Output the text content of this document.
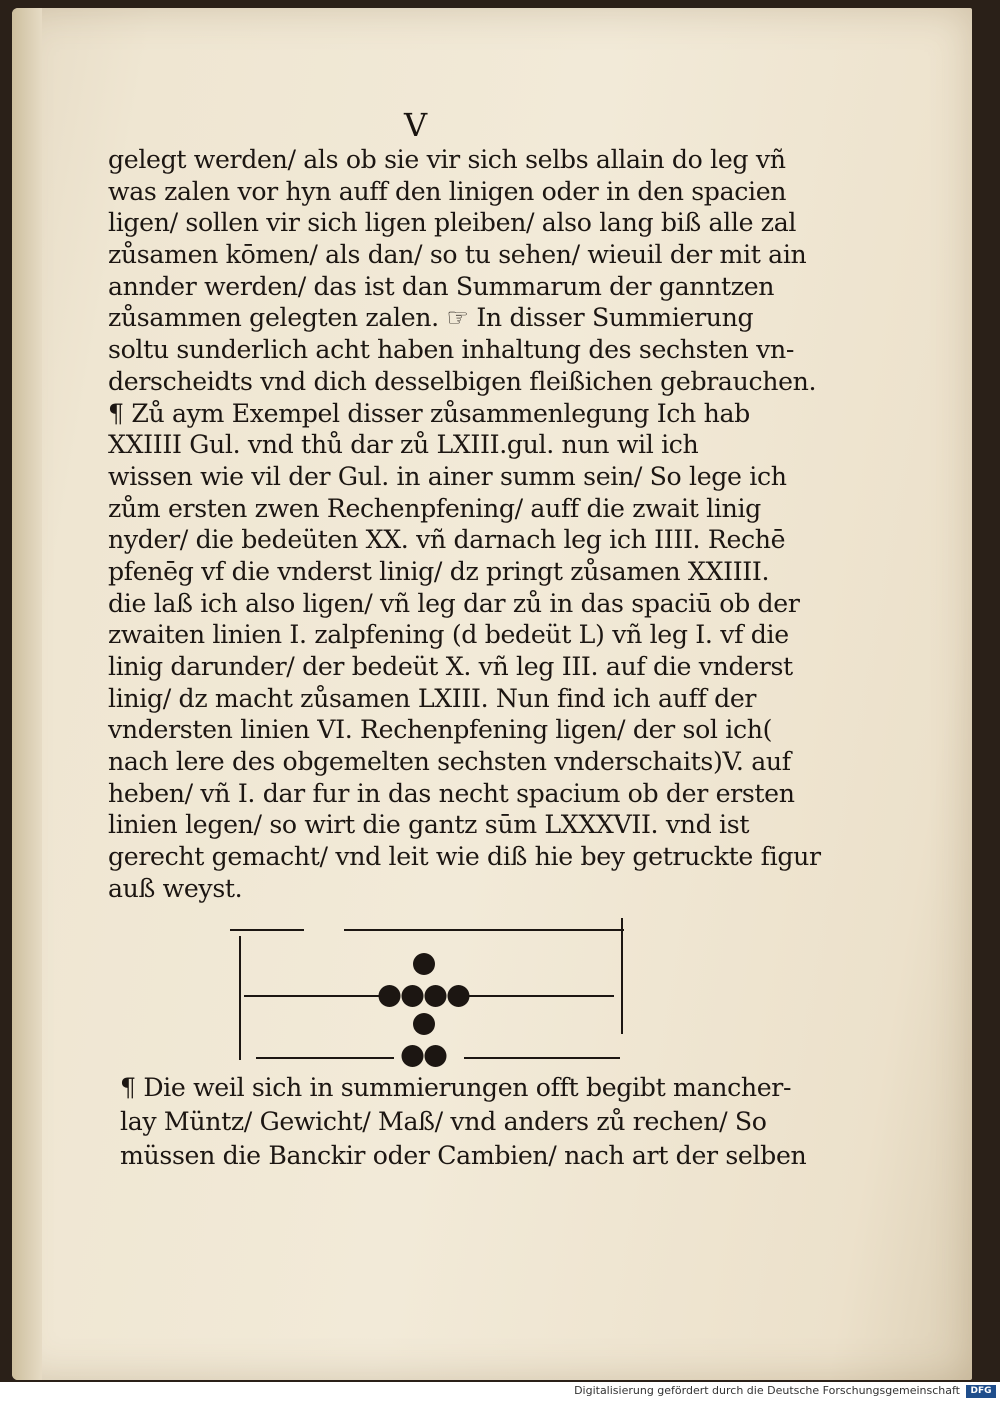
V
gelegt werden/ als ob sie vir sich selbs allain do leg vñ
was zalen vor hyn auff den linigen oder in den spacien
ligen/ sollen vir sich ligen pleiben/ also lang biß alle zal
zůsamen kōmen/ als dan/ so tu sehen/ wieuil der mit ain
annder werden/ das ist dan Summarum der ganntzen
zůsammen gelegten zalen. ☞ In disser Summierung
soltu sunderlich acht haben inhaltung des sechsten vn-
derscheidts vnd dich desselbigen fleißichen gebrauchen.
¶ Zů aym Exempel disser zůsammenlegung Ich hab
XXIIII Gul. vnd thů dar zů LXIII.gul. nun wil ich
wissen wie vil der Gul. in ainer summ sein/ So lege ich
zům ersten zwen Rechenpfening/ auff die zwait linig
nyder/ die bedeüten XX. vñ darnach leg ich IIII. Rechē
pfenēg vf die vnderst linig/ dz pringt zůsamen XXIIII.
die laß ich also ligen/ vñ leg dar zů in das spaciū ob der
zwaiten linien I. zalpfening (d bedeüt L) vñ leg I. vf die
linig darunder/ der bedeüt X. vñ leg III. auf die vnderst
linig/ dz macht zůsamen LXIII. Nun find ich auff der
vndersten linien VI. Rechenpfening ligen/ der sol ich(
nach lere des obgemelten sechsten vnderschaits)V. auf
heben/ vñ I. dar fur in das necht spacium ob der ersten
linien legen/ so wirt die gantz sūm LXXXVII. vnd ist
gerecht gemacht/ vnd leit wie diß hie bey getruckte figur
auß weyst.
¶ Die weil sich in summierungen offt begibt mancher-
lay Müntz/ Gewicht/ Maß/ vnd anders zů rechen/ So
müssen die Banckir oder Cambien/ nach art der selben
Digitalisierung gefördert durch die Deutsche Forschungsgemeinschaft	DFG
